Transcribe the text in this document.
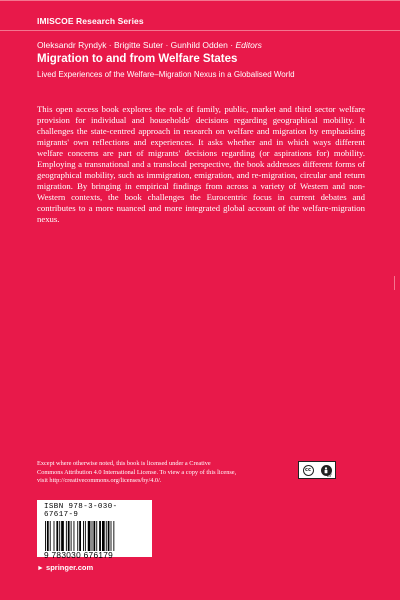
IMISCOE Research Series
Oleksandr Ryndyk · Brigitte Suter · Gunhild Odden · Editors
Migration to and from Welfare States
Lived Experiences of the Welfare–Migration Nexus in a Globalised World

This open access book explores the role of family, public, market and third sector welfare provision for individual and households' decisions regarding geographical mobility. It challenges the state-centred approach in research on welfare and migration by emphasising migrants' own reflections and experiences. It asks whether and in which ways different welfare concerns are part of migrants' decisions regarding (or aspirations for) mobility. Employing a transnational and a translocal perspective, the book addresses different forms of geographical mobility, such as immigration, emigration, and re-migration, circular and return migration. By bringing in empirical findings from across a variety of Western and non-Western contexts, the book challenges the Eurocentric focus in current debates and contributes to a more nuanced and more integrated global account of the welfare-migration nexus.

Except where otherwise noted, this book is licensed under a Creative Commons Attribution 4.0 International License. To view a copy of this license, visit http://creativecommons.org/licenses/by/4.0/.

cc
BY
ISBN 978-3-030-67617-9
9 783030 676179
► springer.com
